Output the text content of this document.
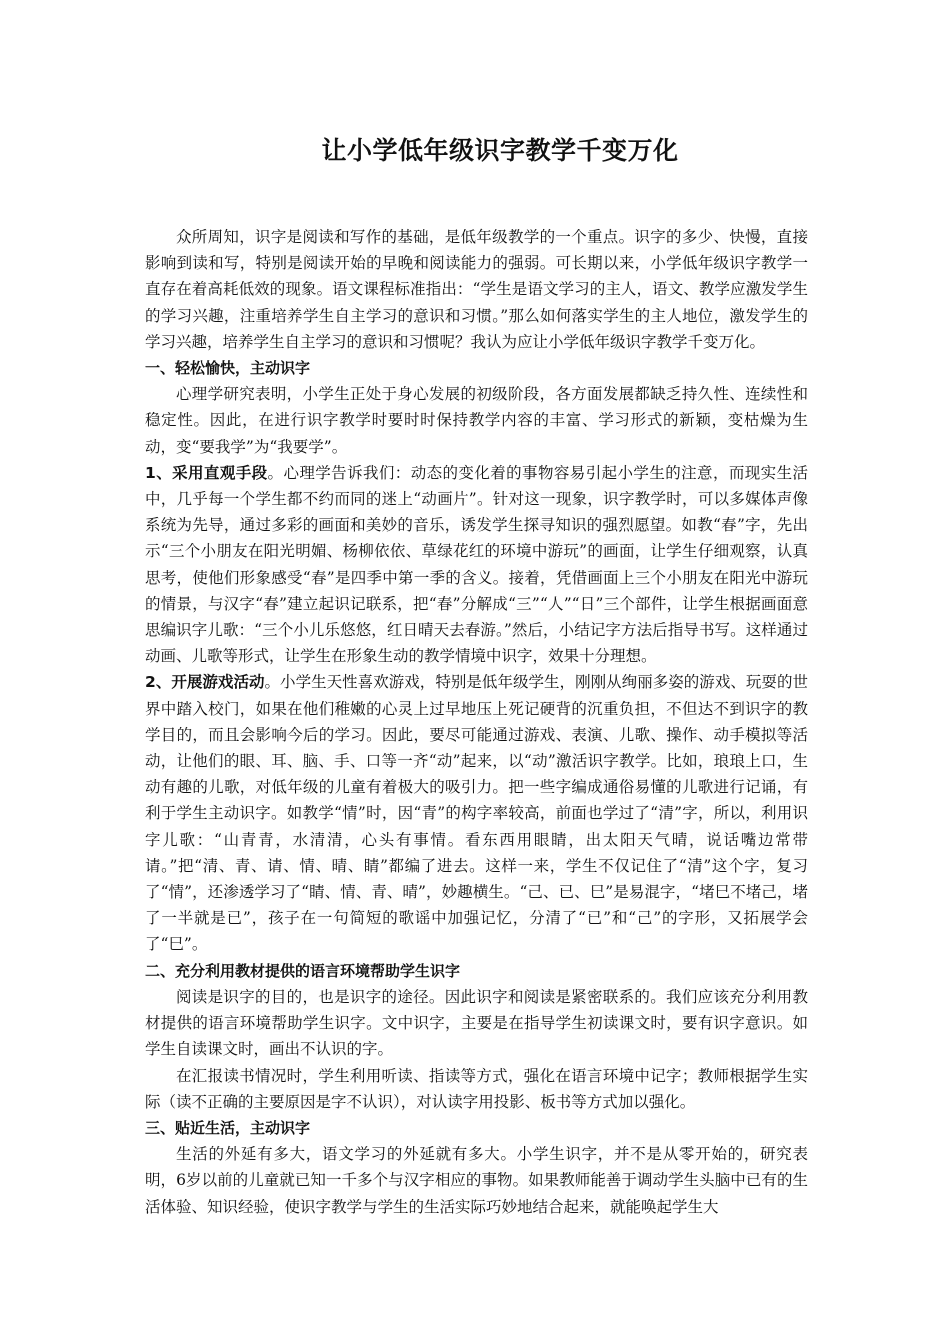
让小学低年级识字教学千变万化

众所周知，识字是阅读和写作的基础，是低年级教学的一个重点。识字的多少、快慢，直接影响到读和写，特别是阅读开始的早晚和阅读能力的强弱。可长期以来，小学低年级识字教学一直存在着高耗低效的现象。语文课程标准指出：“学生是语文学习的主人，语文、教学应激发学生的学习兴趣，注重培养学生自主学习的意识和习惯。”那么如何落实学生的主人地位，激发学生的学习兴趣，培养学生自主学习的意识和习惯呢？我认为应让小学低年级识字教学千变万化。

一、轻松愉快，主动识字

心理学研究表明，小学生正处于身心发展的初级阶段，各方面发展都缺乏持久性、连续性和稳定性。因此，在进行识字教学时要时时保持教学内容的丰富、学习形式的新颖，变枯燥为生动，变“要我学”为“我要学”。

1、采用直观手段。心理学告诉我们：动态的变化着的事物容易引起小学生的注意，而现实生活中，几乎每一个学生都不约而同的迷上“动画片”。针对这一现象，识字教学时，可以多媒体声像系统为先导，通过多彩的画面和美妙的音乐，诱发学生探寻知识的强烈愿望。如教“春”字，先出示“三个小朋友在阳光明媚、杨柳依依、草绿花红的环境中游玩”的画面，让学生仔细观察，认真思考，使他们形象感受“春”是四季中第一季的含义。接着，凭借画面上三个小朋友在阳光中游玩的情景，与汉字“春”建立起识记联系，把“春”分解成“三”“人”“日”三个部件，让学生根据画面意思编识字儿歌：“三个小儿乐悠悠，红日晴天去春游。”然后，小结记字方法后指导书写。这样通过动画、儿歌等形式，让学生在形象生动的教学情境中识字，效果十分理想。

2、开展游戏活动。小学生天性喜欢游戏，特别是低年级学生，刚刚从绚丽多姿的游戏、玩耍的世界中踏入校门，如果在他们稚嫩的心灵上过早地压上死记硬背的沉重负担，不但达不到识字的教学目的，而且会影响今后的学习。因此，要尽可能通过游戏、表演、儿歌、操作、动手模拟等活动，让他们的眼、耳、脑、手、口等一齐“动”起来，以“动”激活识字教学。比如，琅琅上口，生动有趣的儿歌，对低年级的儿童有着极大的吸引力。把一些字编成通俗易懂的儿歌进行记诵，有利于学生主动识字。如教学“情”时，因“青”的构字率较高，前面也学过了“清”字，所以，利用识字儿歌：“山青青，水清清，心头有事情。看东西用眼睛，出太阳天气晴，说话嘴边常带请。”把“清、青、请、情、晴、睛”都编了进去。这样一来，学生不仅记住了“清”这个字，复习了“情”，还渗透学习了“睛、情、青、晴”，妙趣横生。“己、已、巳”是易混字，“堵巳不堵己，堵了一半就是已”，孩子在一句简短的歌谣中加强记忆，分清了“已”和“己”的字形，又拓展学会了“巳”。

二、充分利用教材提供的语言环境帮助学生识字

阅读是识字的目的，也是识字的途径。因此识字和阅读是紧密联系的。我们应该充分利用教材提供的语言环境帮助学生识字。文中识字，主要是在指导学生初读课文时，要有识字意识。如学生自读课文时，画出不认识的字。

在汇报读书情况时，学生利用听读、指读等方式，强化在语言环境中记字；教师根据学生实际（读不正确的主要原因是字不认识），对认读字用投影、板书等方式加以强化。

三、贴近生活，主动识字

生活的外延有多大，语文学习的外延就有多大。小学生识字，并不是从零开始的，研究表明，6岁以前的儿童就已知一千多个与汉字相应的事物。如果教师能善于调动学生头脑中已有的生活体验、知识经验，使识字教学与学生的生活实际巧妙地结合起来，就能唤起学生大
